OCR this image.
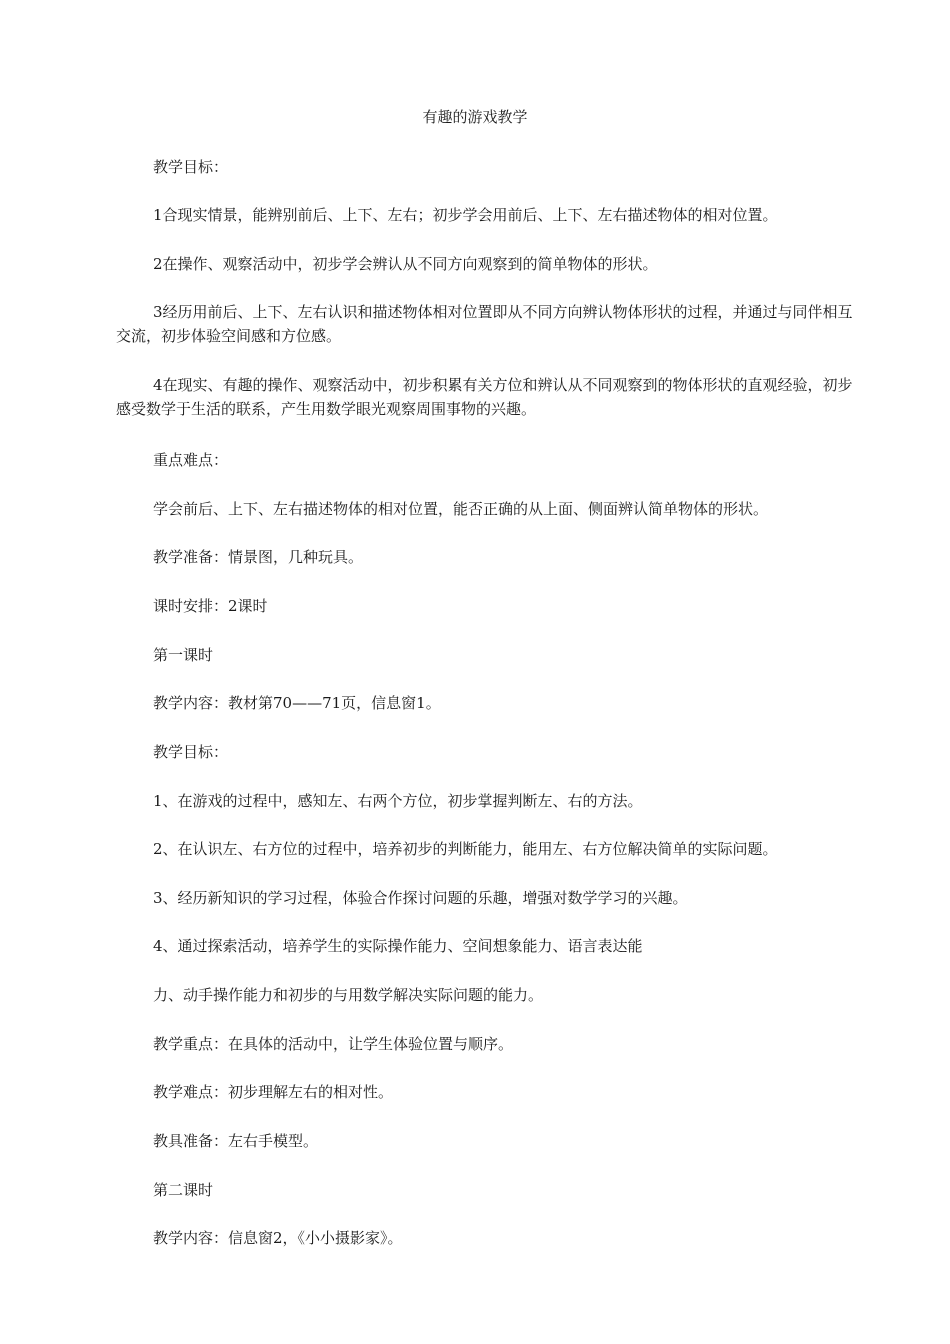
有趣的游戏教学
教学目标：
1合现实情景，能辨别前后、上下、左右；初步学会用前后、上下、左右描述物体的相对位置。
2在操作、观察活动中，初步学会辨认从不同方向观察到的简单物体的形状。
3经历用前后、上下、左右认识和描述物体相对位置即从不同方向辨认物体形状的过程，并通过与同伴相互交流，初步体验空间感和方位感。
4在现实、有趣的操作、观察活动中，初步积累有关方位和辨认从不同观察到的物体形状的直观经验，初步感受数学于生活的联系，产生用数学眼光观察周围事物的兴趣。
重点难点：
学会前后、上下、左右描述物体的相对位置，能否正确的从上面、侧面辨认简单物体的形状。
教学准备：情景图，几种玩具。
课时安排：2课时
第一课时
教学内容：教材第70——71页，信息窗1。
教学目标：
1、在游戏的过程中，感知左、右两个方位，初步掌握判断左、右的方法。
2、在认识左、右方位的过程中，培养初步的判断能力，能用左、右方位解决简单的实际问题。
3、经历新知识的学习过程，体验合作探讨问题的乐趣，增强对数学学习的兴趣。
4、通过探索活动，培养学生的实际操作能力、空间想象能力、语言表达能
力、动手操作能力和初步的与用数学解决实际问题的能力。
教学重点：在具体的活动中，让学生体验位置与顺序。
教学难点：初步理解左右的相对性。
教具准备：左右手模型。
第二课时
教学内容：信息窗2，《小小摄影家》。
